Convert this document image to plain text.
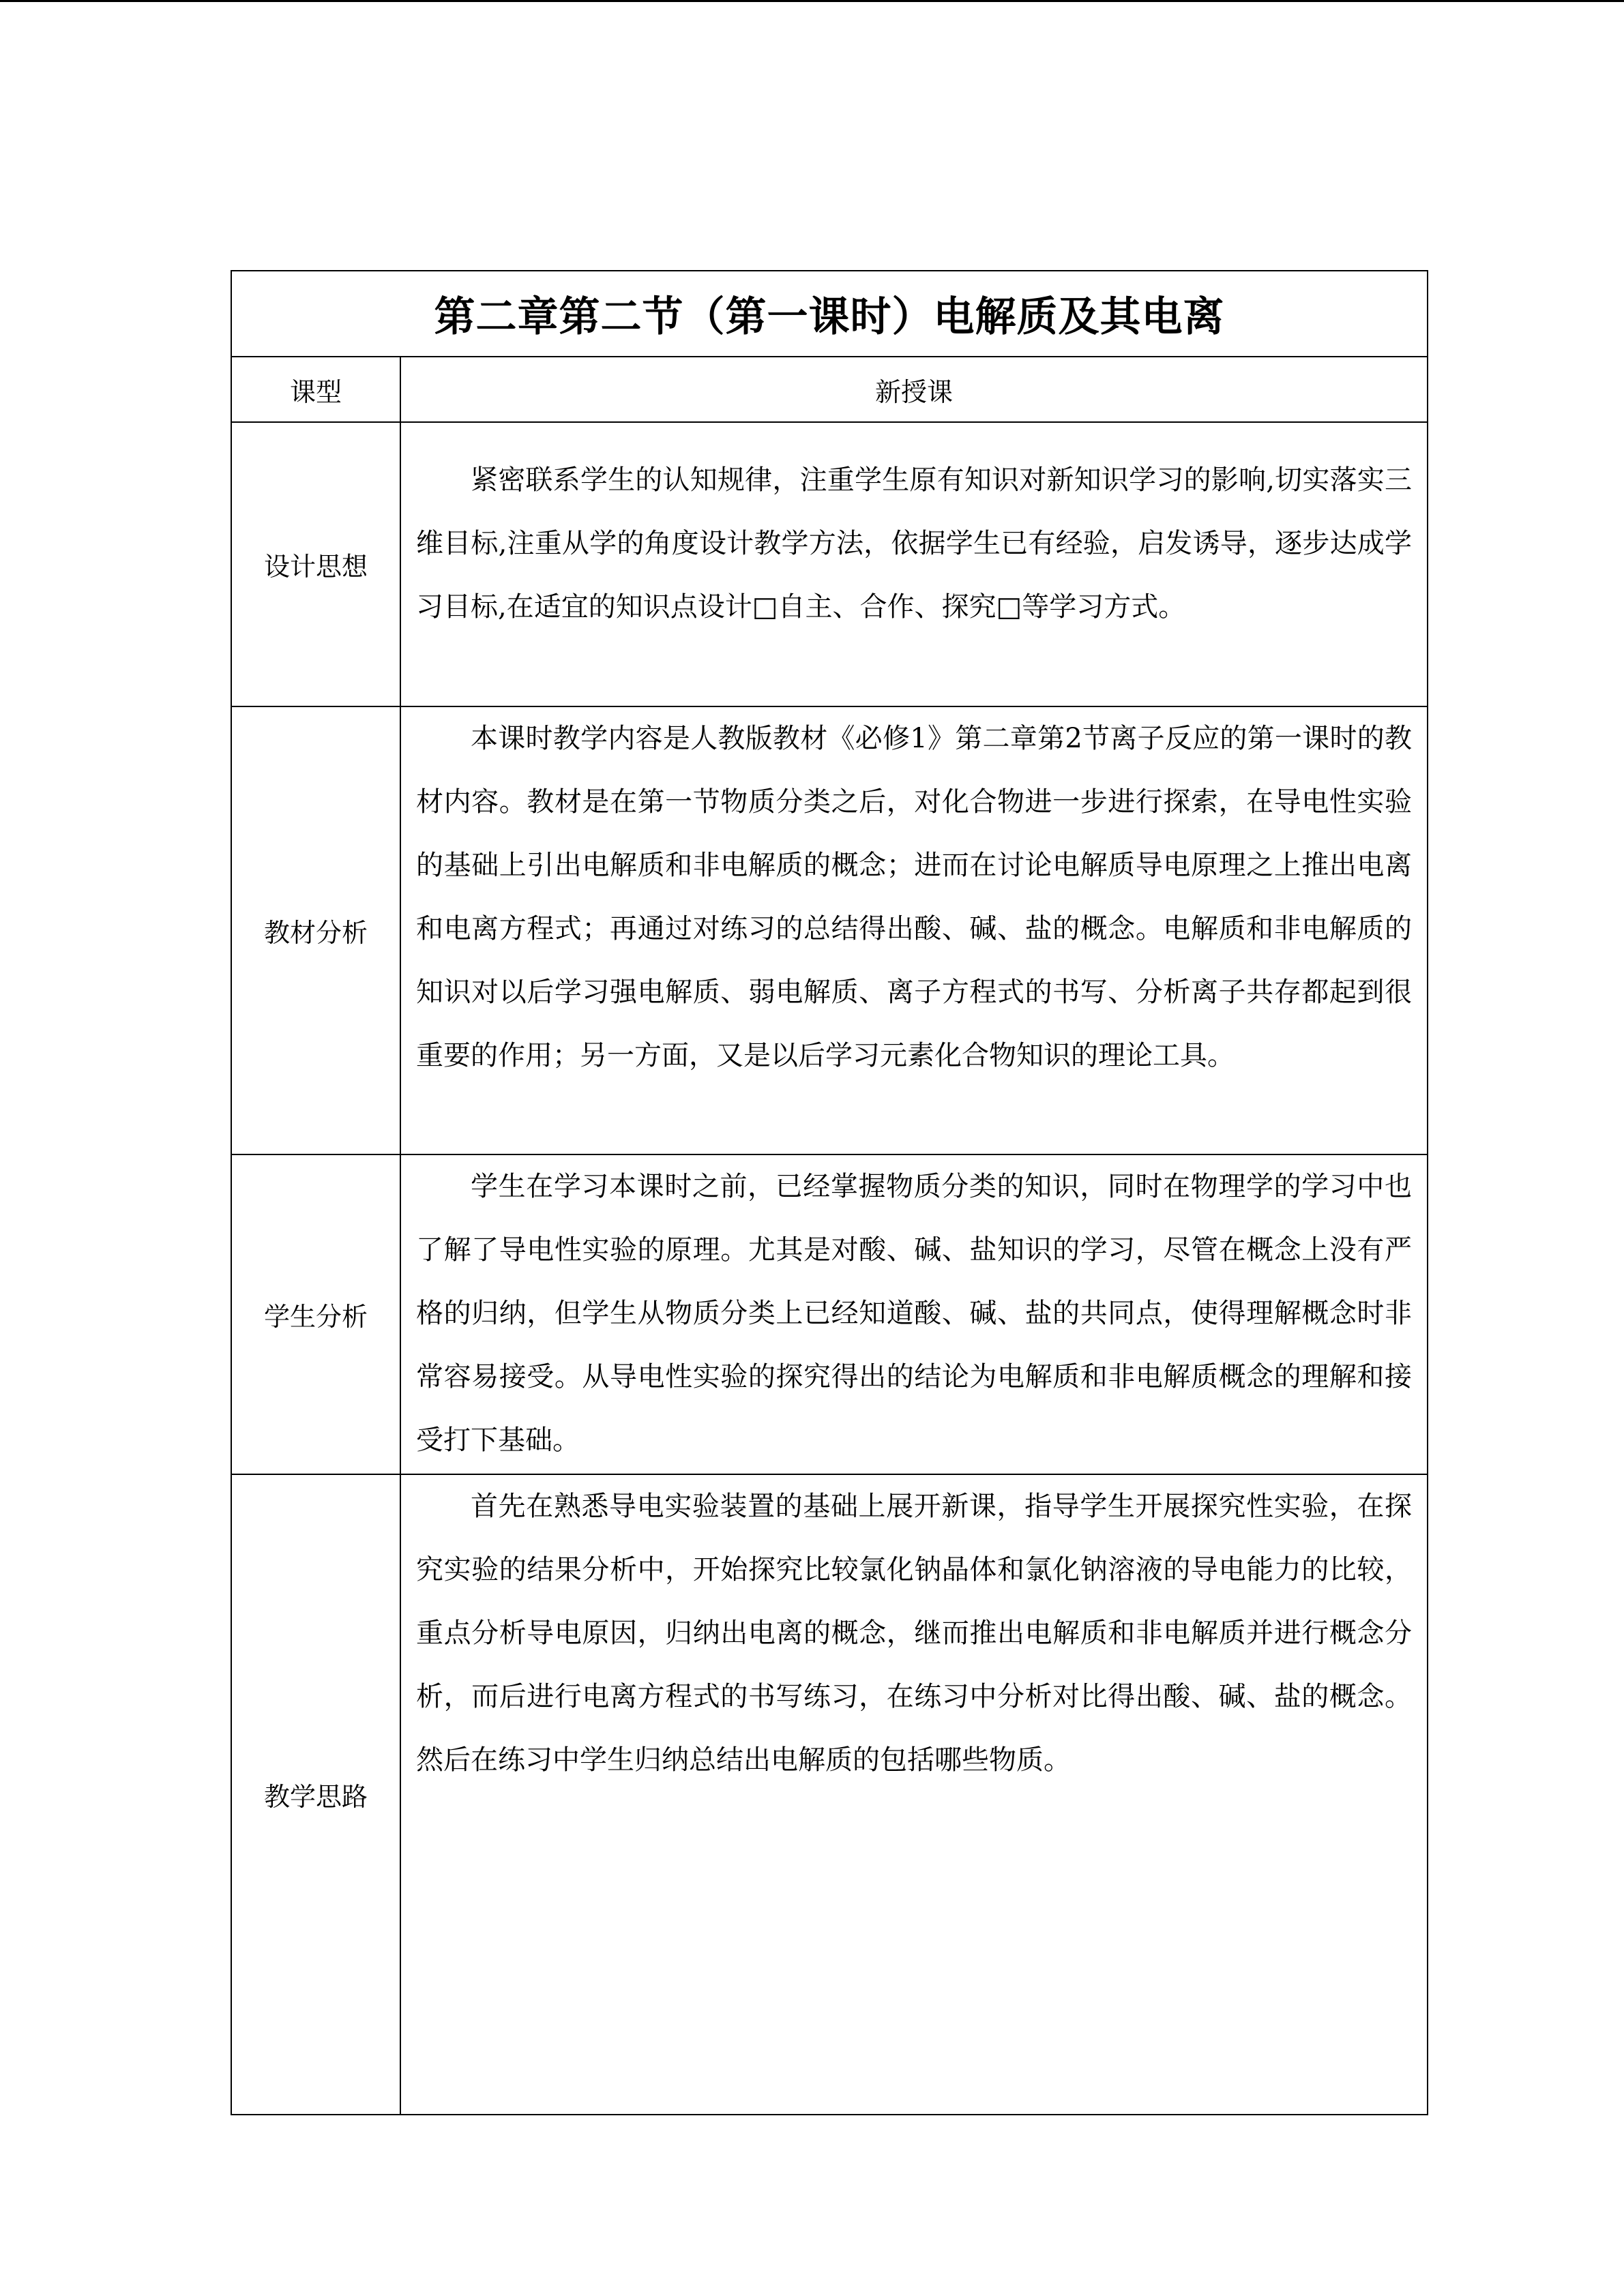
第二章第二节（第一课时）电解质及其电离	
课型	新授课
设计思想	紧密联系学生的认知规律，注重学生原有知识对新知识学习的影响,切实落实三维目标,注重从学的角度设计教学方法，依据学生已有经验，启发诱导，逐步达成学习目标,在适宜的知识点设计□自主、合作、探究□等学习方式。

教材分析	本课时教学内容是人教版教材《必修1》第二章第2节离子反应的第一课时的教材内容。教材是在第一节物质分类之后，对化合物进一步进行探索，在导电性实验的基础上引出电解质和非电解质的概念；进而在讨论电解质导电原理之上推出电离和电离方程式；再通过对练习的总结得出酸、碱、盐的概念。电解质和非电解质的知识对以后学习强电解质、弱电解质、离子方程式的书写、分析离子共存都起到很重要的作用；另一方面，又是以后学习元素化合物知识的理论工具。

学生分析	学生在学习本课时之前，已经掌握物质分类的知识，同时在物理学的学习中也了解了导电性实验的原理。尤其是对酸、碱、盐知识的学习，尽管在概念上没有严格的归纳，但学生从物质分类上已经知道酸、碱、盐的共同点，使得理解概念时非常容易接受。从导电性实验的探究得出的结论为电解质和非电解质概念的理解和接受打下基础。

教学思路	首先在熟悉导电实验装置的基础上展开新课，指导学生开展探究性实验，在探究实验的结果分析中，开始探究比较氯化钠晶体和氯化钠溶液的导电能力的比较，重点分析导电原因，归纳出电离的概念，继而推出电解质和非电解质并进行概念分析，而后进行电离方程式的书写练习，在练习中分析对比得出酸、碱、盐的概念。然后在练习中学生归纳总结出电解质的包括哪些物质。
